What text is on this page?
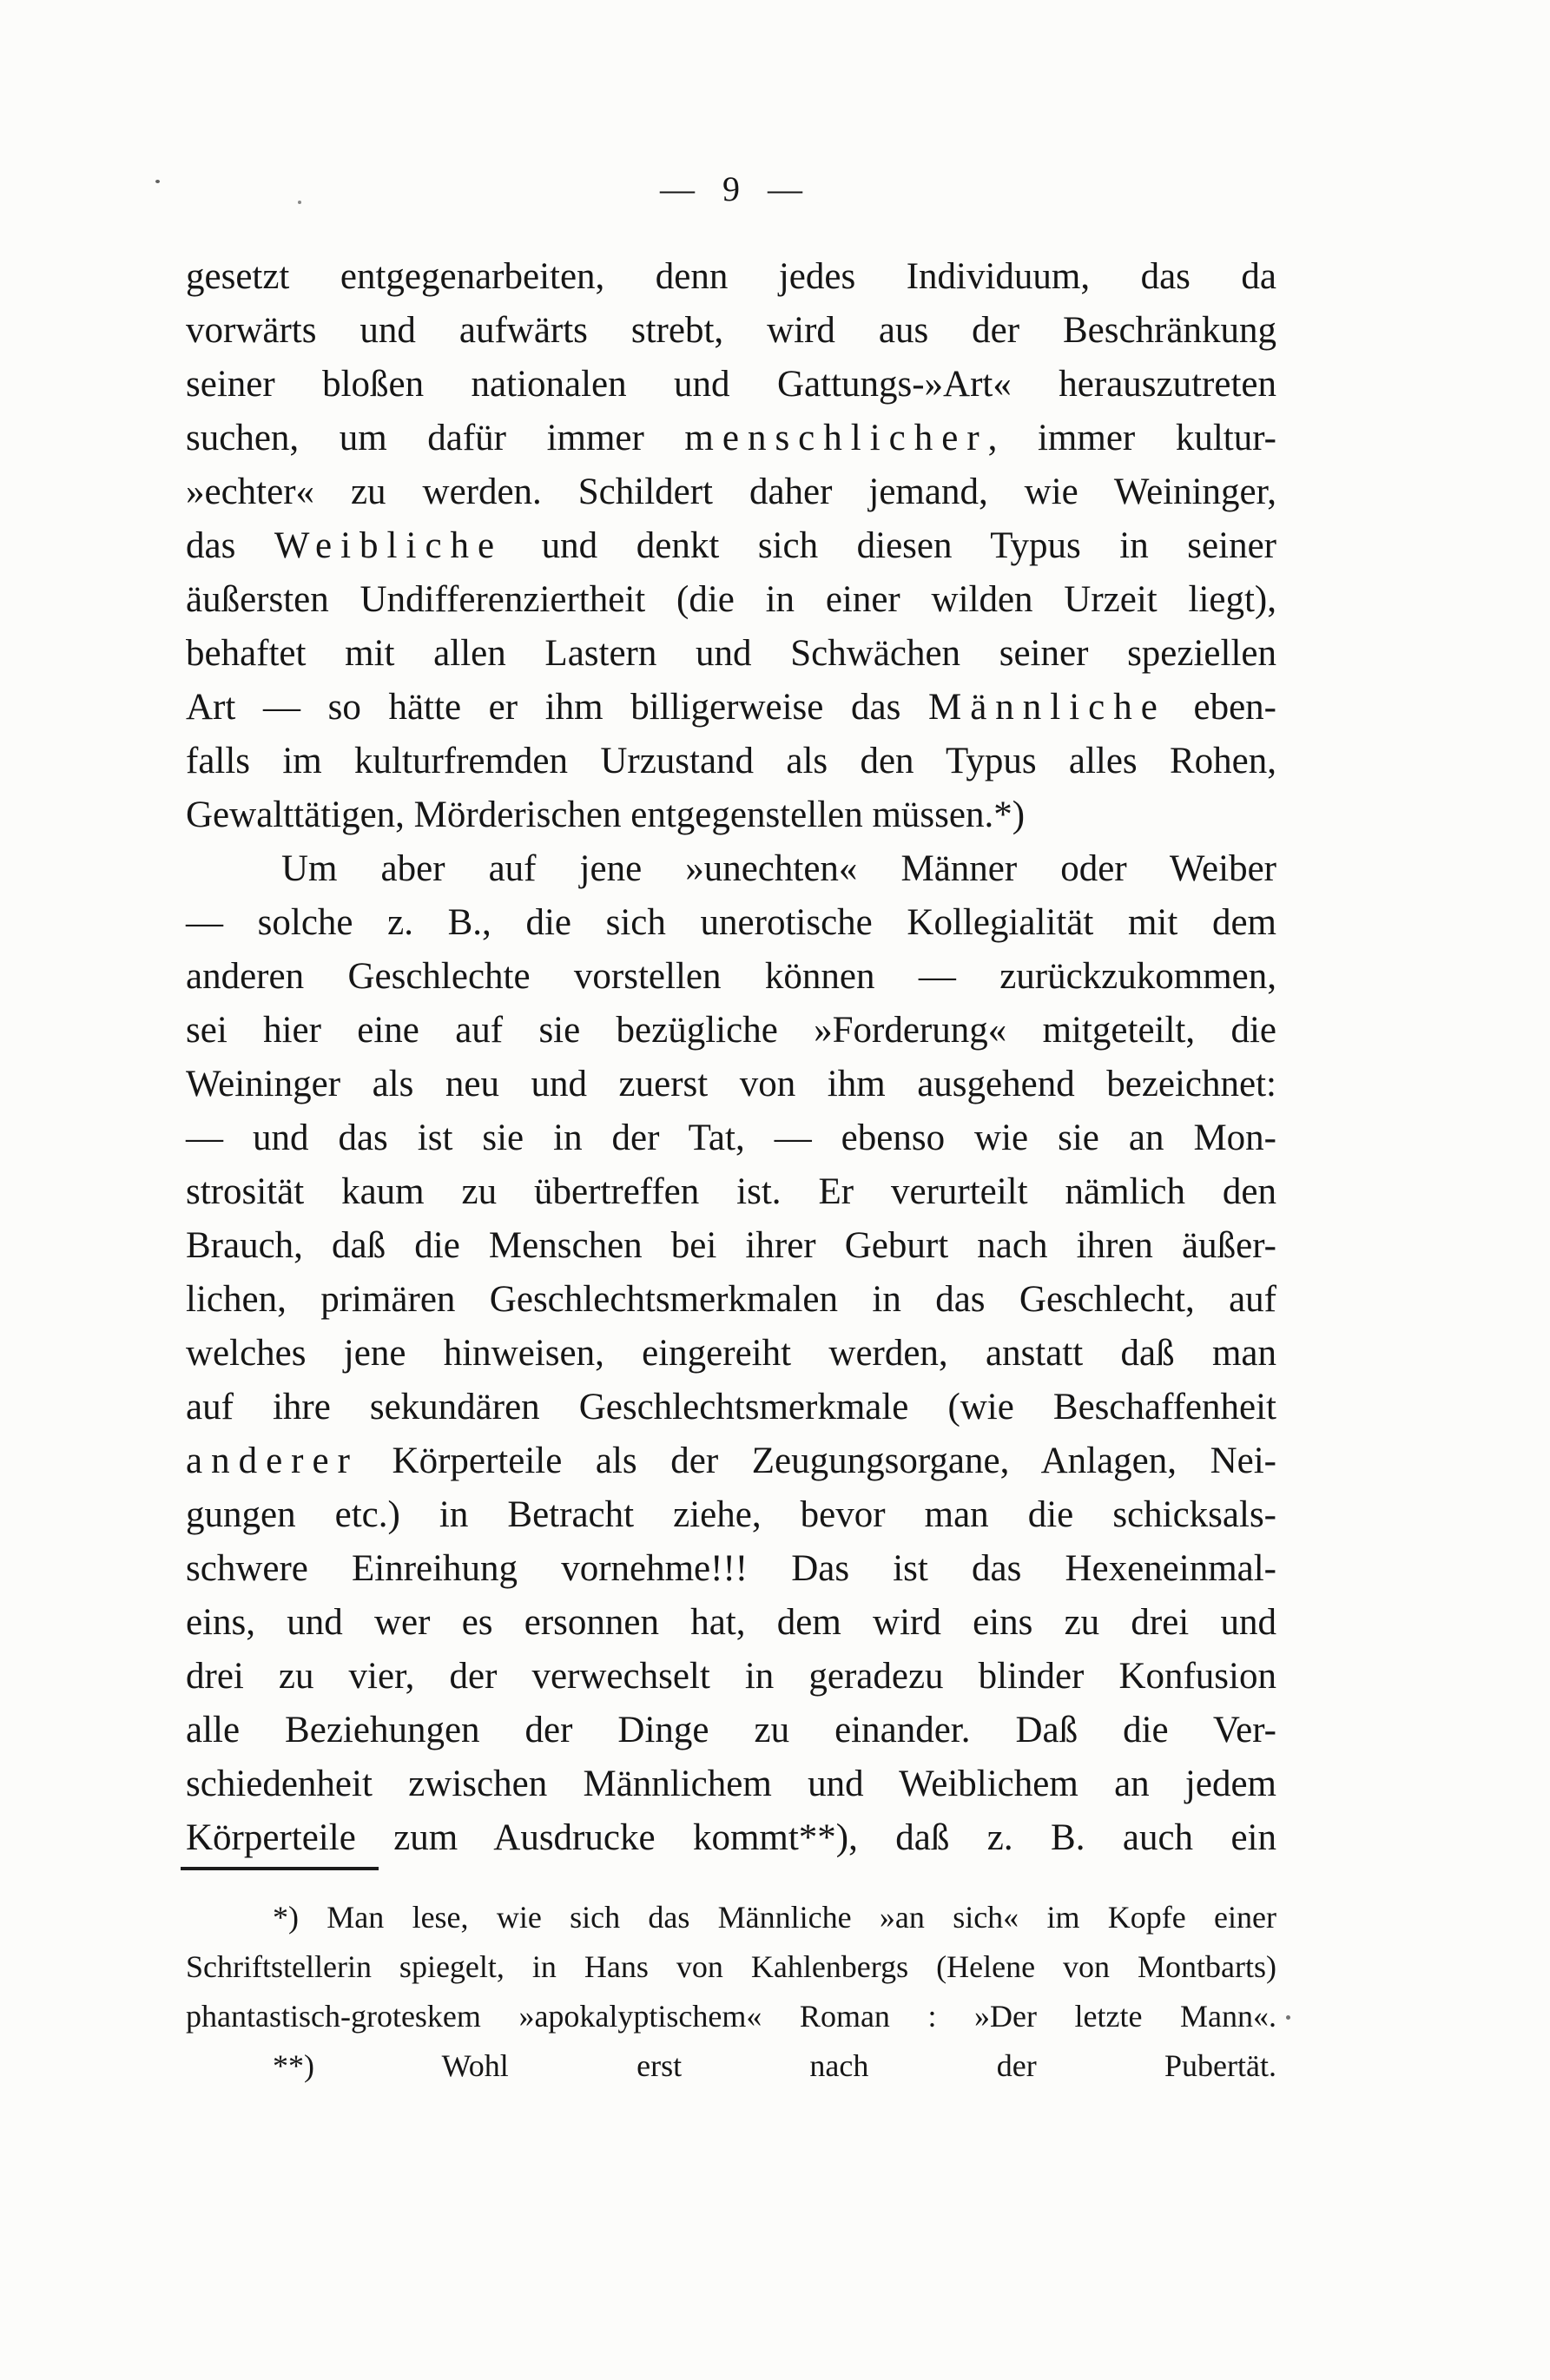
— 9 —
gesetzt entgegenarbeiten, denn jedes Individuum, das da
vorwärts und aufwärts strebt, wird aus der Beschränkung
seiner bloßen nationalen und Gattungs-»Art« herauszutreten
suchen, um dafür immer menschlicher, immer kultur-
»echter« zu werden. Schildert daher jemand, wie Weininger,
das Weibliche und denkt sich diesen Typus in seiner
äußersten Undifferenziertheit (die in einer wilden Urzeit liegt),
behaftet mit allen Lastern und Schwächen seiner speziellen
Art — so hätte er ihm billigerweise das Männliche eben-
falls im kulturfremden Urzustand als den Typus alles Rohen,
Gewalttätigen, Mörderischen entgegenstellen müssen.*)
Um aber auf jene »unechten« Männer oder Weiber
— solche z. B., die sich unerotische Kollegialität mit dem
anderen Geschlechte vorstellen können — zurückzukommen,
sei hier eine auf sie bezügliche »Forderung« mitgeteilt, die
Weininger als neu und zuerst von ihm ausgehend bezeichnet:
— und das ist sie in der Tat, — ebenso wie sie an Mon-
strosität kaum zu übertreffen ist. Er verurteilt nämlich den
Brauch, daß die Menschen bei ihrer Geburt nach ihren äußer-
lichen, primären Geschlechtsmerkmalen in das Geschlecht, auf
welches jene hinweisen, eingereiht werden, anstatt daß man
auf ihre sekundären Geschlechtsmerkmale (wie Beschaffenheit
anderer Körperteile als der Zeugungsorgane, Anlagen, Nei-
gungen etc.) in Betracht ziehe, bevor man die schicksals-
schwere Einreihung vornehme!!! Das ist das Hexeneinmal-
eins, und wer es ersonnen hat, dem wird eins zu drei und
drei zu vier, der verwechselt in geradezu blinder Konfusion
alle Beziehungen der Dinge zu einander. Daß die Ver-
schiedenheit zwischen Männlichem und Weiblichem an jedem
Körperteile zum Ausdrucke kommt**), daß z. B. auch ein
*) Man lese, wie sich das Männliche »an sich« im Kopfe einer
Schriftstellerin spiegelt, in Hans von Kahlenbergs (Helene von Montbarts)
phantastisch-groteskem »apokalyptischem« Roman : »Der letzte Mann«.
**) Wohl erst nach der Pubertät.
